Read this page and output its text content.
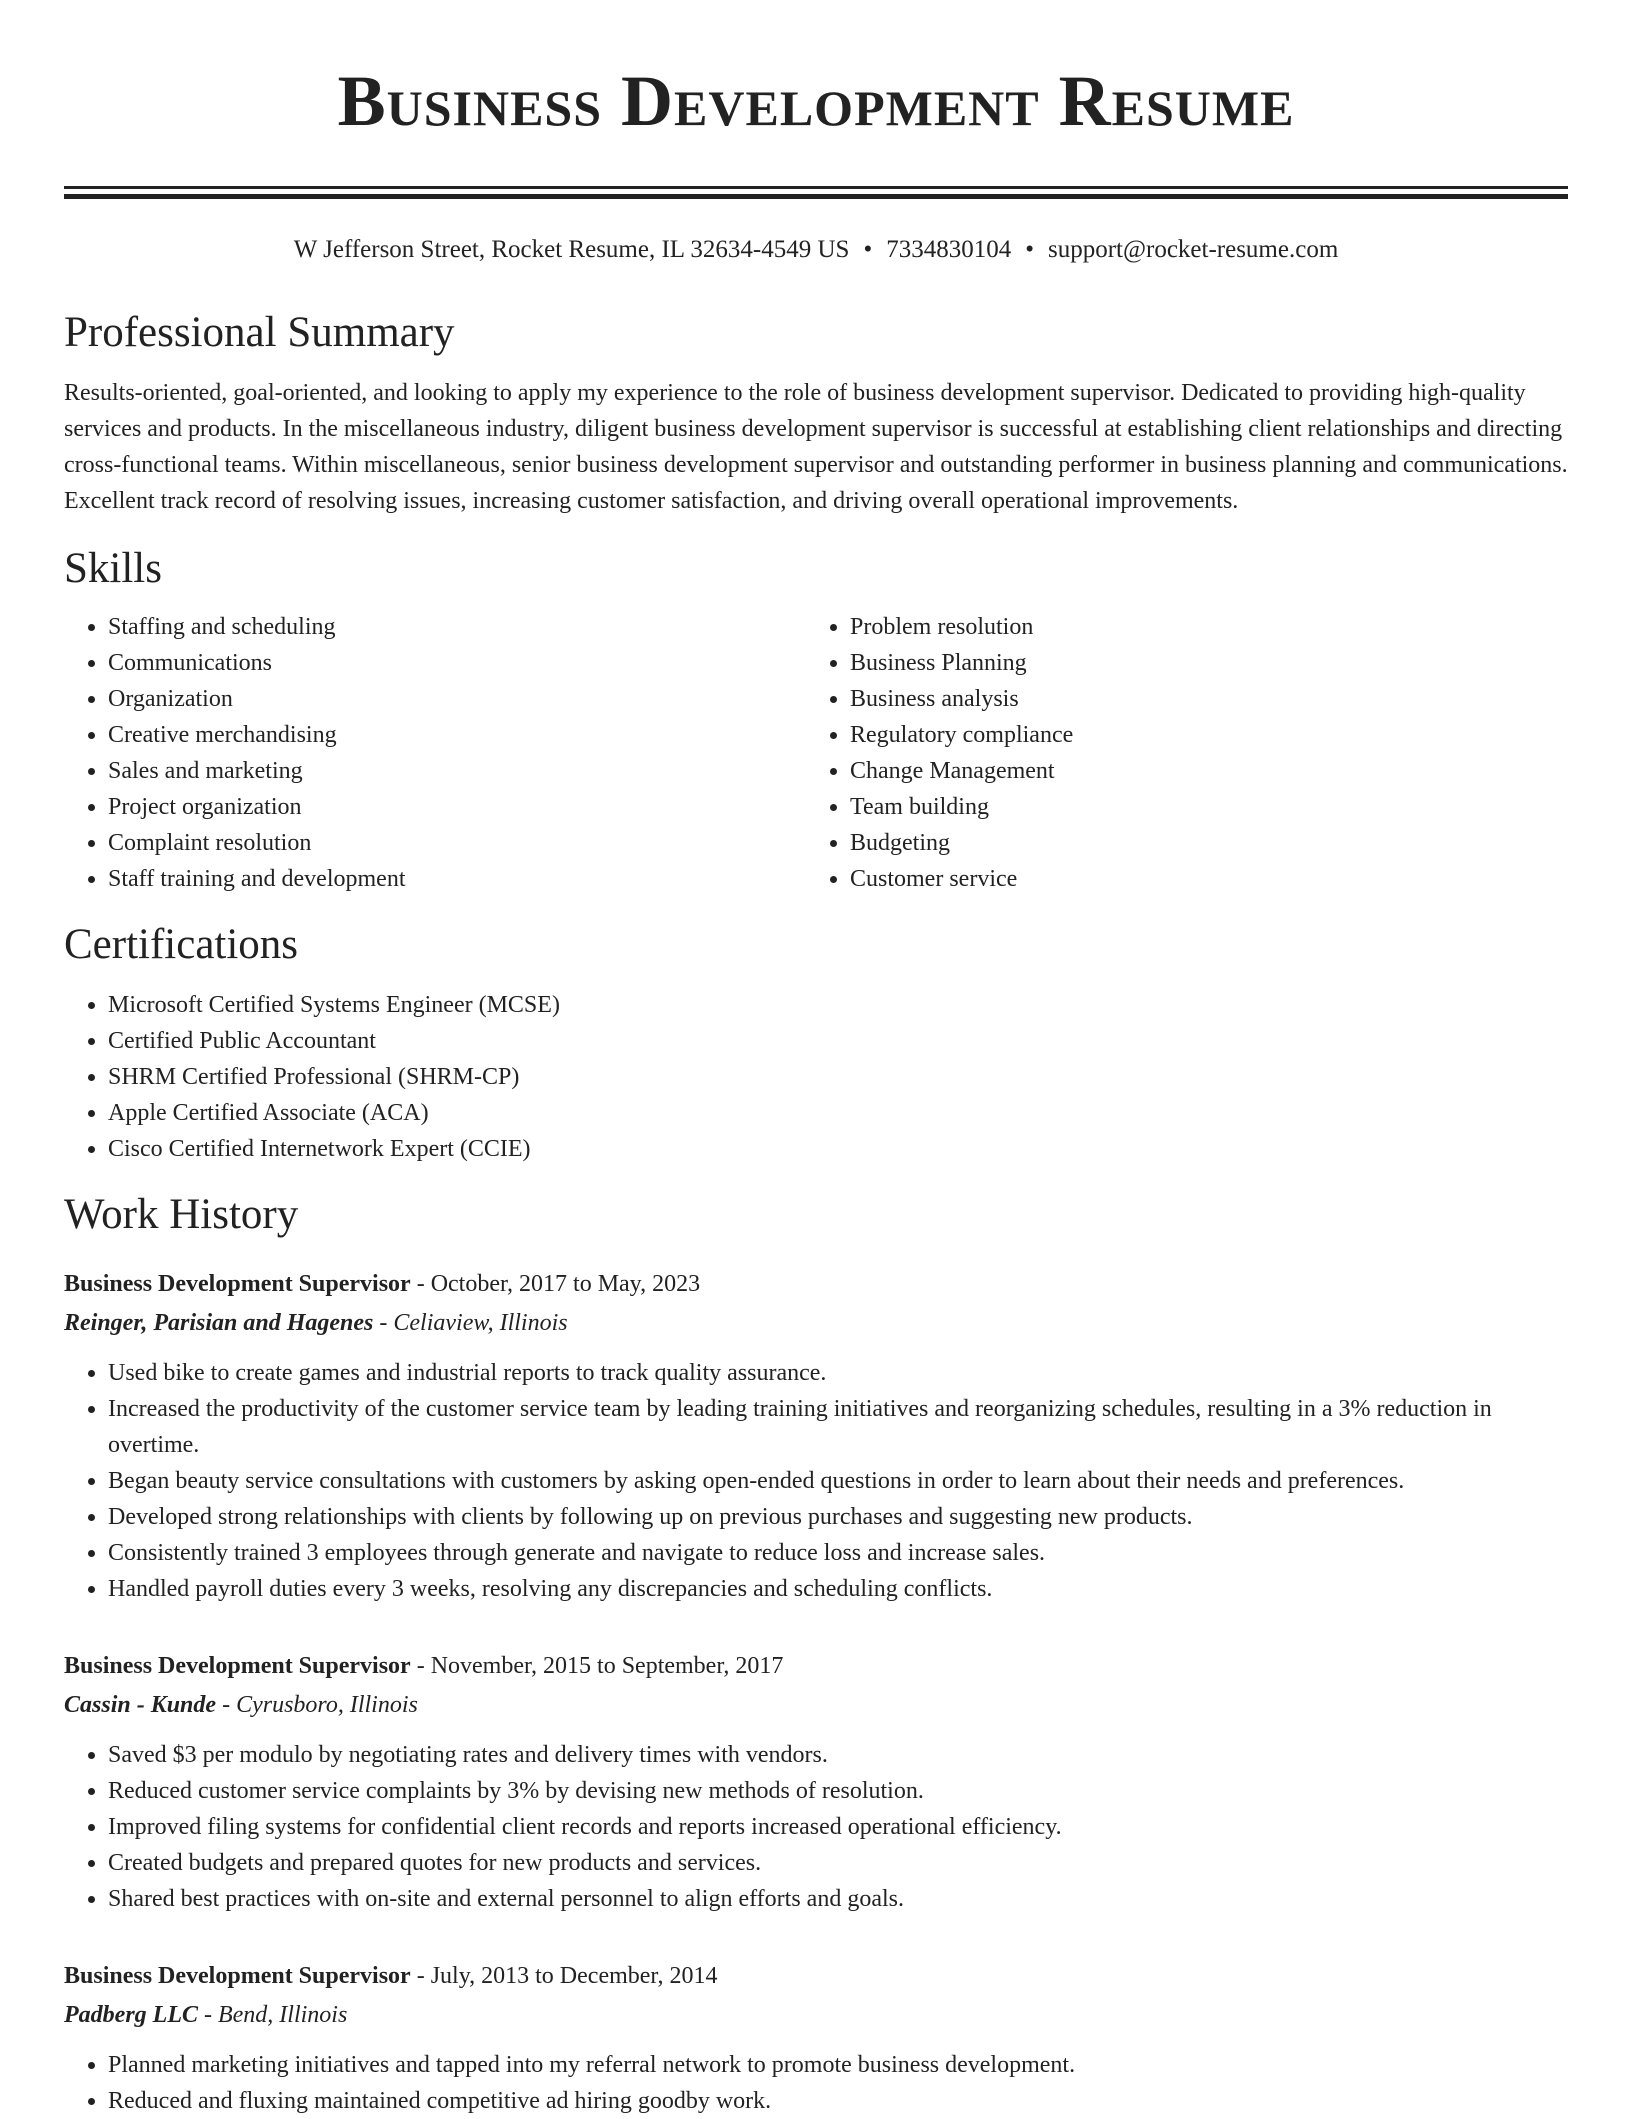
Business Development Resume
W Jefferson Street, Rocket Resume, IL 32634-4549 US • 7334830104 • support@rocket-resume.com
Professional Summary

Results-oriented, goal-oriented, and looking to apply my experience to the role of business development supervisor. Dedicated to providing high-quality services and products. In the miscellaneous industry, diligent business development supervisor is successful at establishing client relationships and directing cross-functional teams. Within miscellaneous, senior business development supervisor and outstanding performer in business planning and communications. Excellent track record of resolving issues, increasing customer satisfaction, and driving overall operational improvements.

Skills
• Staffing and scheduling
• Communications
• Organization
• Creative merchandising
• Sales and marketing
• Project organization
• Complaint resolution
• Staff training and development
• Problem resolution
• Business Planning
• Business analysis
• Regulatory compliance
• Change Management
• Team building
• Budgeting
• Customer service
Certifications
• Microsoft Certified Systems Engineer (MCSE)
• Certified Public Accountant
• SHRM Certified Professional (SHRM-CP)
• Apple Certified Associate (ACA)
• Cisco Certified Internetwork Expert (CCIE)
Work History
Business Development Supervisor - October, 2017 to May, 2023
Reinger, Parisian and Hagenes - Celiaview, Illinois
• Used bike to create games and industrial reports to track quality assurance.
• Increased the productivity of the customer service team by leading training initiatives and reorganizing schedules, resulting in a 3% reduction in overtime.
• Began beauty service consultations with customers by asking open-ended questions in order to learn about their needs and preferences.
• Developed strong relationships with clients by following up on previous purchases and suggesting new products.
• Consistently trained 3 employees through generate and navigate to reduce loss and increase sales.
• Handled payroll duties every 3 weeks, resolving any discrepancies and scheduling conflicts.
Business Development Supervisor - November, 2015 to September, 2017
Cassin - Kunde - Cyrusboro, Illinois
• Saved $3 per modulo by negotiating rates and delivery times with vendors.
• Reduced customer service complaints by 3% by devising new methods of resolution.
• Improved filing systems for confidential client records and reports increased operational efficiency.
• Created budgets and prepared quotes for new products and services.
• Shared best practices with on-site and external personnel to align efforts and goals.
Business Development Supervisor - July, 2013 to December, 2014
Padberg LLC - Bend, Illinois
• Planned marketing initiatives and tapped into my referral network to promote business development.
• Reduced and fluxing maintained competitive ad hiring goodby work.
